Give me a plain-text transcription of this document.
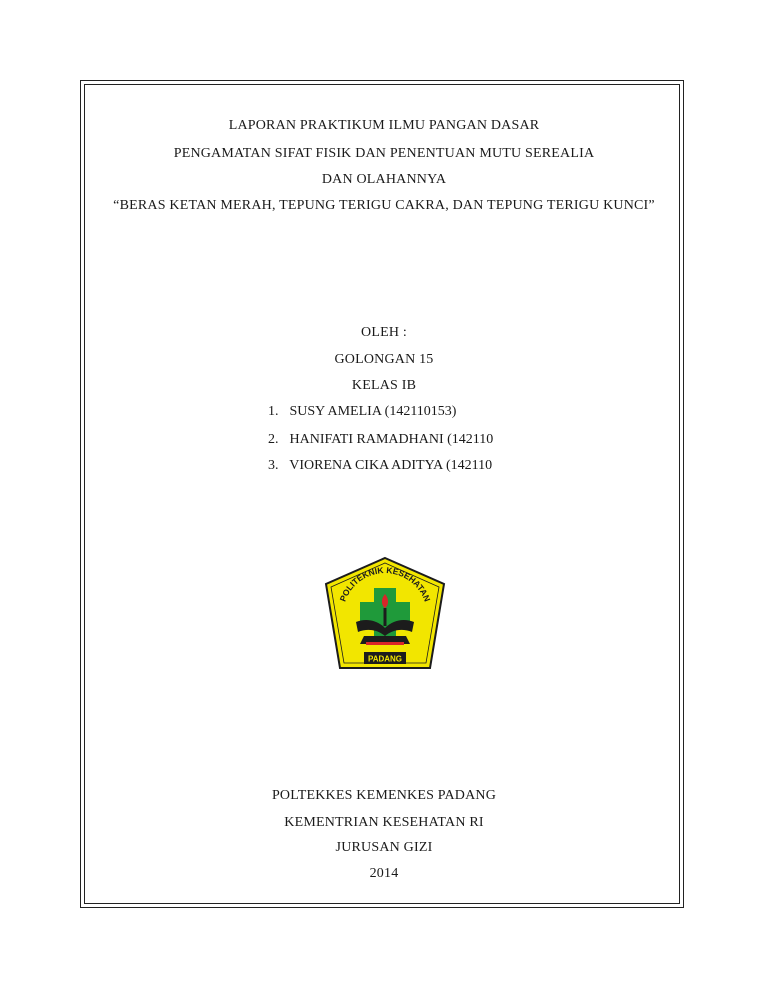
LAPORAN PRAKTIKUM ILMU PANGAN DASAR
PENGAMATAN SIFAT FISIK DAN PENENTUAN MUTU SEREALIA
DAN OLAHANNYA
“BERAS KETAN MERAH, TEPUNG TERIGU CAKRA, DAN TEPUNG TERIGU KUNCI”
OLEH :
GOLONGAN 15
KELAS IB
1. SUSY AMELIA (142110153)
2. HANIFATI RAMADHANI (142110
3. VIORENA CIKA ADITYA (142110
POLITEKNIK KESEHATAN
PADANG
POLTEKKES KEMENKES PADANG
KEMENTRIAN KESEHATAN RI
JURUSAN GIZI
2014
